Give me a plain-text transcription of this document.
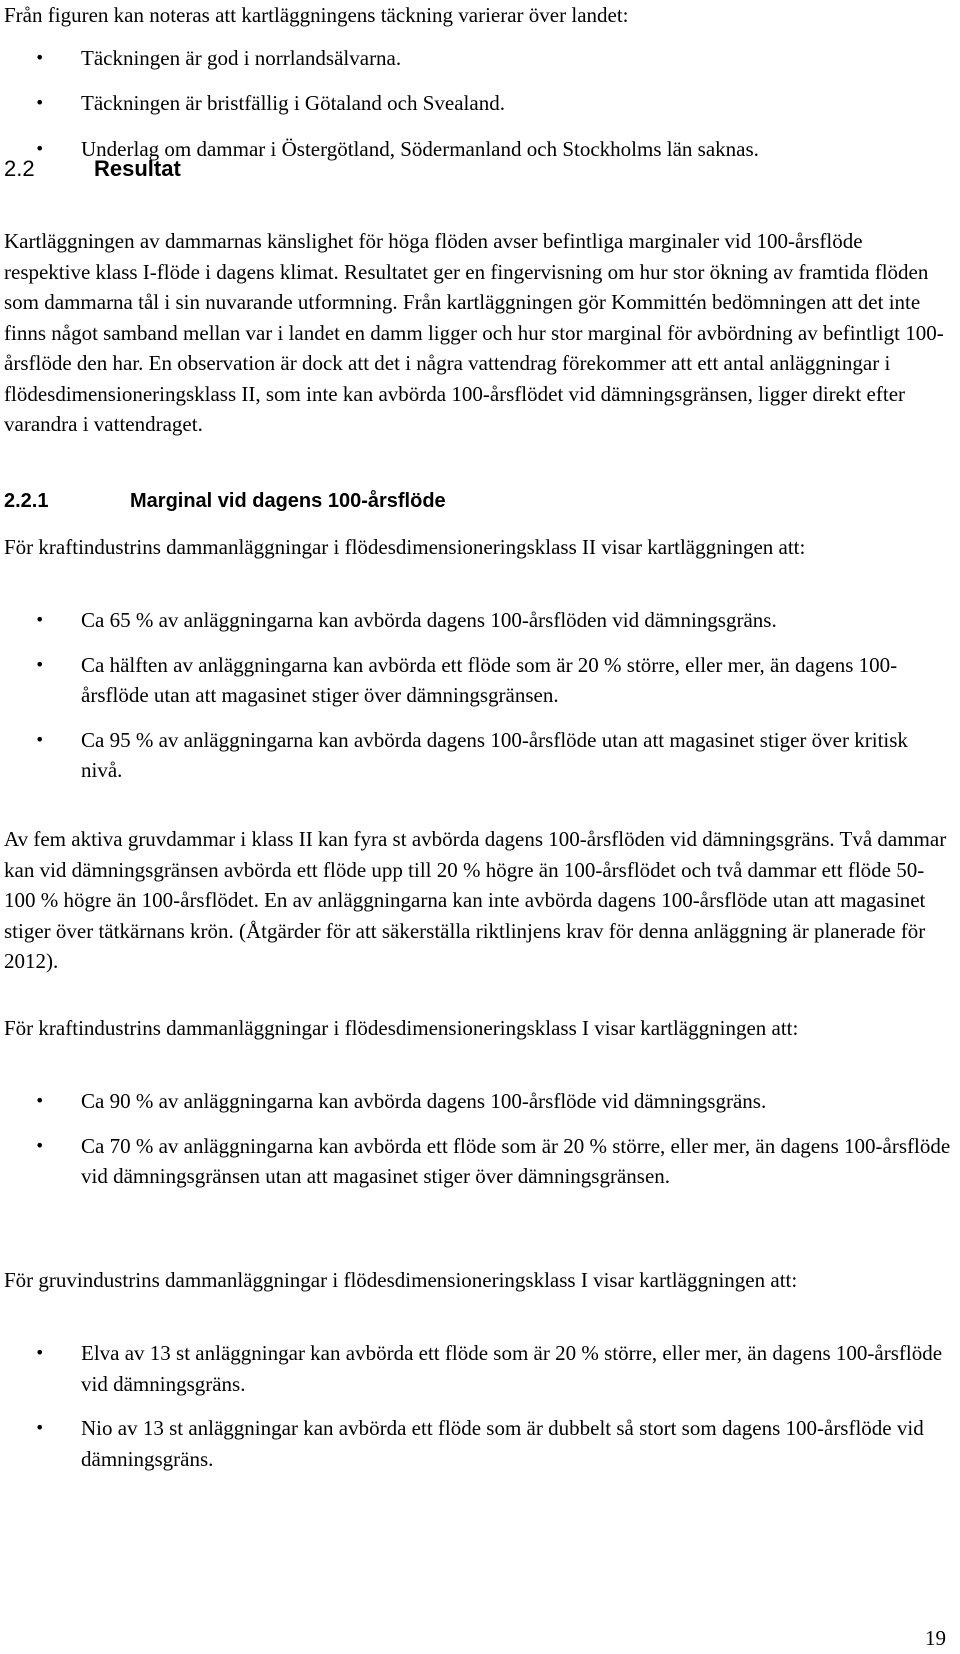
Från figuren kan noteras att kartläggningens täckning varierar över landet:

• Täckningen är god i norrlandsälvarna.
• Täckningen är bristfällig i Götaland och Svealand.
• Underlag om dammar i Östergötland, Södermanland och Stockholms län saknas.
2.2	Resultat

Kartläggningen av dammarnas känslighet för höga flöden avser befintliga marginaler vid 100-årsflöde respektive klass I-flöde i dagens klimat. Resultatet ger en fingervisning om hur stor ökning av framtida flöden som dammarna tål i sin nuvarande utformning. Från kartläggningen gör Kommittén bedömningen att det inte finns något samband mellan var i landet en damm ligger och hur stor marginal för avbördning av befintligt 100-årsflöde den har. En observation är dock att det i några vattendrag förekommer att ett antal anläggningar i flödesdimensioneringsklass II, som inte kan avbörda 100-årsflödet vid dämningsgränsen, ligger direkt efter varandra i vattendraget.

2.2.1	Marginal vid dagens 100-årsflöde

För kraftindustrins dammanläggningar i flödesdimensioneringsklass II visar kartläggningen att:

• Ca 65 % av anläggningarna kan avbörda dagens 100-årsflöden vid dämningsgräns.
• Ca hälften av anläggningarna kan avbörda ett flöde som är 20 % större, eller mer, än dagens 100-årsflöde utan att magasinet stiger över dämningsgränsen.
• Ca 95 % av anläggningarna kan avbörda dagens 100-årsflöde utan att magasinet stiger över kritisk nivå.

Av fem aktiva gruvdammar i klass II kan fyra st avbörda dagens 100-årsflöden vid dämningsgräns. Två dammar kan vid dämningsgränsen avbörda ett flöde upp till 20 % högre än 100-årsflödet och två dammar ett flöde 50-100 % högre än 100-årsflödet. En av anläggningarna kan inte avbörda dagens 100-årsflöde utan att magasinet stiger över tätkärnans krön. (Åtgärder för att säkerställa riktlinjens krav för denna anläggning är planerade för 2012).

För kraftindustrins dammanläggningar i flödesdimensioneringsklass I visar kartläggningen att:

• Ca 90 % av anläggningarna kan avbörda dagens 100-årsflöde vid dämningsgräns.
• Ca 70 % av anläggningarna kan avbörda ett flöde som är 20 % större, eller mer, än dagens 100-årsflöde vid dämningsgränsen utan att magasinet stiger över dämningsgränsen.

För gruvindustrins dammanläggningar i flödesdimensioneringsklass I visar kartläggningen att:

• Elva av 13 st anläggningar kan avbörda ett flöde som är 20 % större, eller mer, än dagens 100-årsflöde vid dämningsgräns.
• Nio av 13 st anläggningar kan avbörda ett flöde som är dubbelt så stort som dagens 100-årsflöde vid dämningsgräns.
19
